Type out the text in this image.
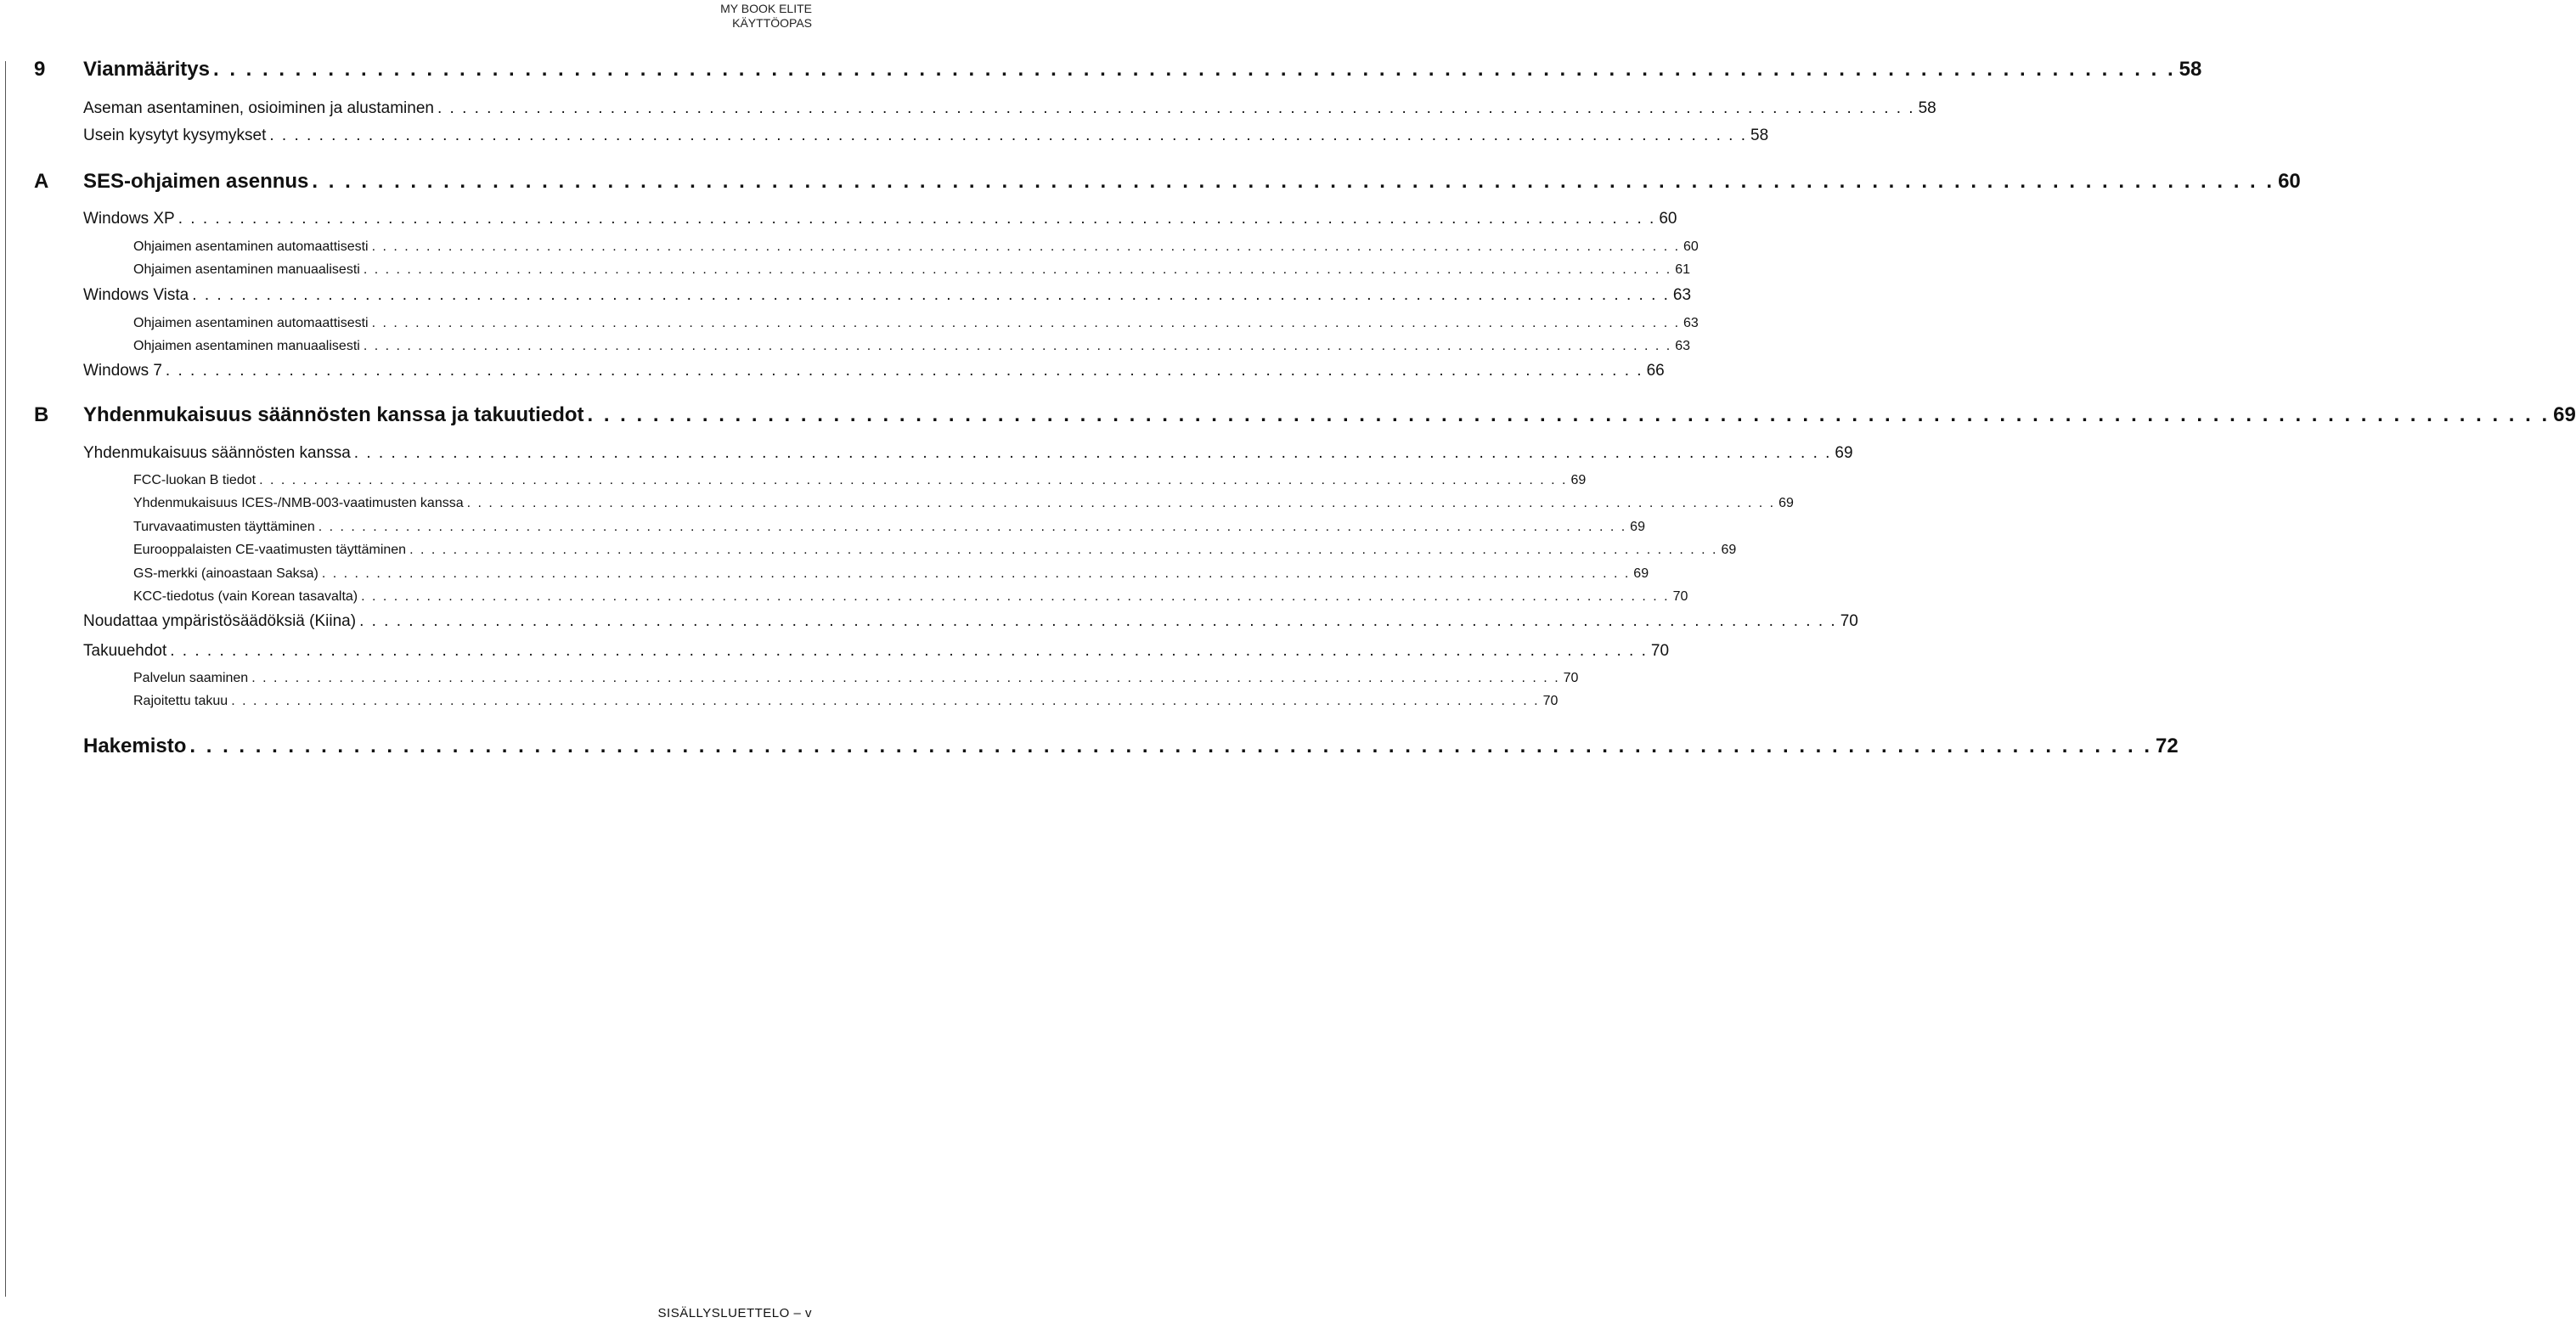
MY BOOK ELITE
KÄYTTÖOPAS
9 Vianmääritys . . .	58
Aseman asentaminen, osioiminen ja alustaminen . . .	58
Usein kysytyt kysymykset . . .	58
A SES-ohjaimen asennus . . .	60
Windows XP . . .	60
Ohjaimen asentaminen automaattisesti . . .	60
Ohjaimen asentaminen manuaalisesti . . .	61
Windows Vista . . .	63
Ohjaimen asentaminen automaattisesti . . .	63
Ohjaimen asentaminen manuaalisesti . . .	63
Windows 7 . . .	66
B Yhdenmukaisuus säännösten kanssa ja takuutiedot . . .	69
Yhdenmukaisuus säännösten kanssa . . .	69
FCC-luokan B tiedot . . .	69
Yhdenmukaisuus ICES-/NMB-003-vaatimusten kanssa . . .	69
Turvavaatimusten täyttäminen . . .	69
Eurooppalaisten CE-vaatimusten täyttäminen . . .	69
GS-merkki (ainoastaan Saksa) . . .	69
KCC-tiedotus (vain Korean tasavalta) . . .	70
Noudattaa ympäristösäädöksiä (Kiina) . . .	70
Takuuehdot . . .	70
Palvelun saaminen . . .	70
Rajoitettu takuu . . .	70
Hakemisto . . .	72
SISÄLLYSLUETTELO – v
